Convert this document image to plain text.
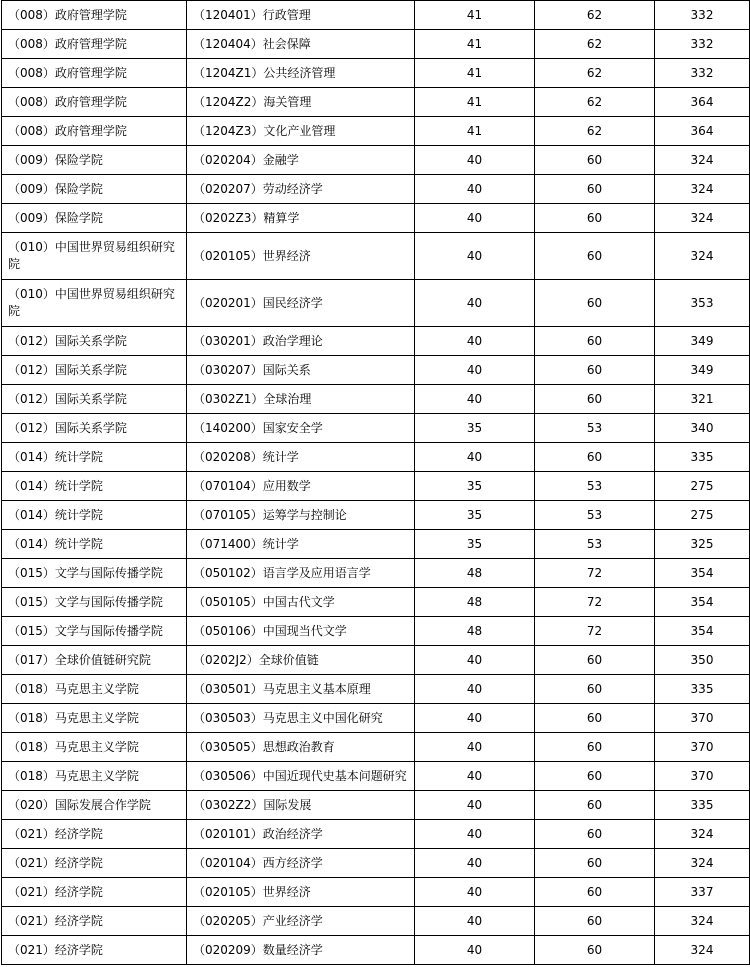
（008）政府管理学院	（120401）行政管理	41	62	332
（008）政府管理学院	（120404）社会保障	41	62	332
（008）政府管理学院	（1204Z1）公共经济管理	41	62	332
（008）政府管理学院	（1204Z2）海关管理	41	62	364
（008）政府管理学院	（1204Z3）文化产业管理	41	62	364
（009）保险学院	（020204）金融学	40	60	324
（009）保险学院	（020207）劳动经济学	40	60	324
（009）保险学院	（0202Z3）精算学	40	60	324
（010）中国世界贸易组织研究院	（020105）世界经济	40	60	324
（010）中国世界贸易组织研究院	（020201）国民经济学	40	60	353
（012）国际关系学院	（030201）政治学理论	40	60	349
（012）国际关系学院	（030207）国际关系	40	60	349
（012）国际关系学院	（0302Z1）全球治理	40	60	321
（012）国际关系学院	（140200）国家安全学	35	53	340
（014）统计学院	（020208）统计学	40	60	335
（014）统计学院	（070104）应用数学	35	53	275
（014）统计学院	（070105）运筹学与控制论	35	53	275
（014）统计学院	（071400）统计学	35	53	325
（015）文学与国际传播学院	（050102）语言学及应用语言学	48	72	354
（015）文学与国际传播学院	（050105）中国古代文学	48	72	354
（015）文学与国际传播学院	（050106）中国现当代文学	48	72	354
（017）全球价值链研究院	（0202J2）全球价值链	40	60	350
（018）马克思主义学院	（030501）马克思主义基本原理	40	60	335
（018）马克思主义学院	（030503）马克思主义中国化研究	40	60	370
（018）马克思主义学院	（030505）思想政治教育	40	60	370
（018）马克思主义学院	（030506）中国近现代史基本问题研究	40	60	370
（020）国际发展合作学院	（0302Z2）国际发展	40	60	335
（021）经济学院	（020101）政治经济学	40	60	324
（021）经济学院	（020104）西方经济学	40	60	324
（021）经济学院	（020105）世界经济	40	60	337
（021）经济学院	（020205）产业经济学	40	60	324
（021）经济学院	（020209）数量经济学	40	60	324
